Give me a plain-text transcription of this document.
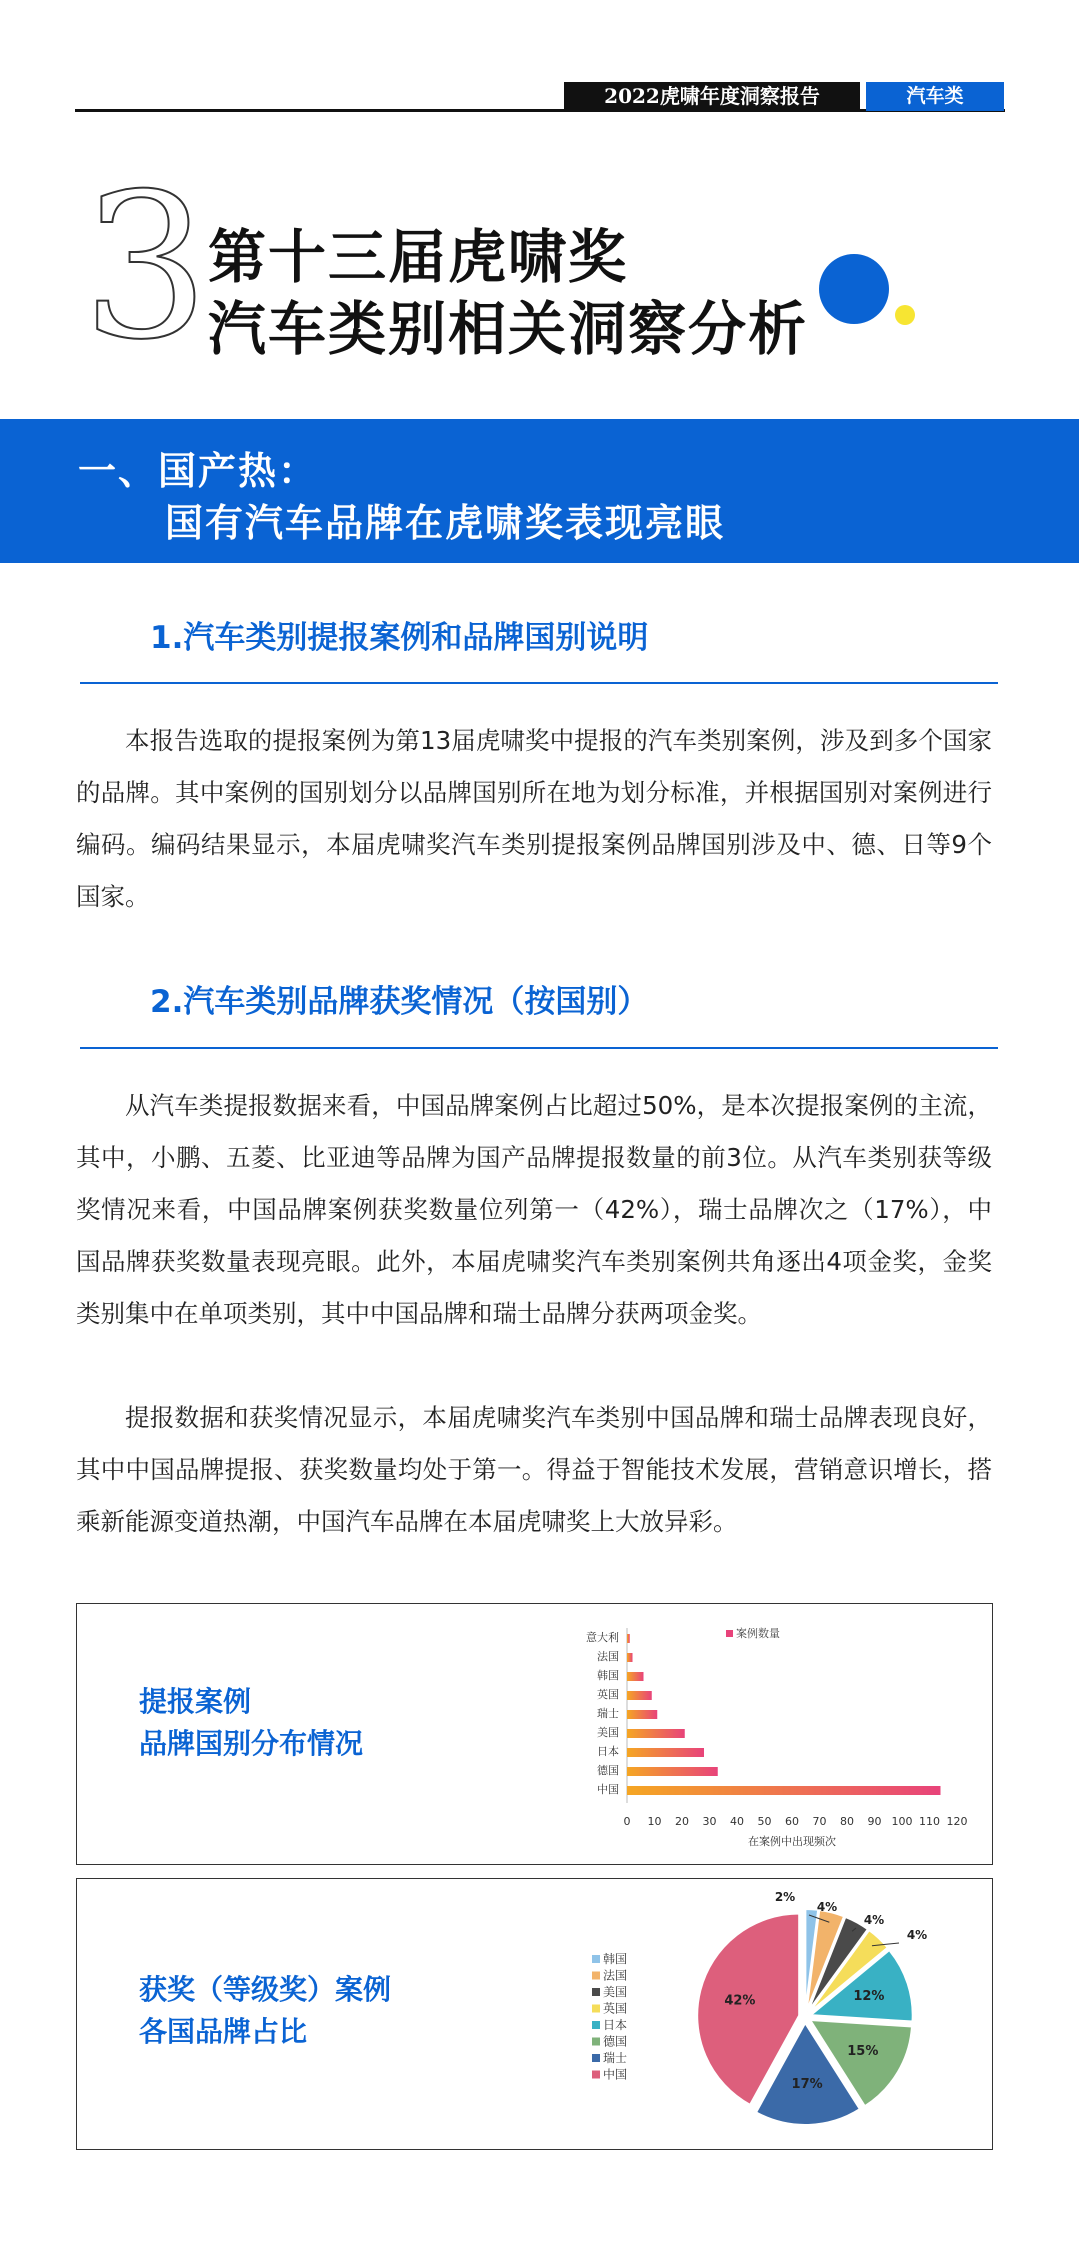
2022虎啸年度洞察报告	汽车类
3
第十三届虎啸奖
汽车类别相关洞察分析
一、国产热：
国有汽车品牌在虎啸奖表现亮眼
1.汽车类别提报案例和品牌国别说明

本报告选取的提报案例为第13届虎啸奖中提报的汽车类别案例，涉及到多个国家的品牌。其中案例的国别划分以品牌国别所在地为划分标准，并根据国别对案例进行编码。编码结果显示，本届虎啸奖汽车类别提报案例品牌国别涉及中、德、日等9个国家。

2.汽车类别品牌获奖情况（按国别）

从汽车类提报数据来看，中国品牌案例占比超过50%，是本次提报案例的主流，其中，小鹏、五菱、比亚迪等品牌为国产品牌提报数量的前3位。从汽车类别获等级奖情况来看，中国品牌案例获奖数量位列第一（42%），瑞士品牌次之（17%），中国品牌获奖数量表现亮眼。此外，本届虎啸奖汽车类别案例共角逐出4项金奖，金奖类别集中在单项类别，其中中国品牌和瑞士品牌分获两项金奖。

提报数据和获奖情况显示，本届虎啸奖汽车类别中国品牌和瑞士品牌表现良好，其中中国品牌提报、获奖数量均处于第一。得益于智能技术发展，营销意识增长，搭乘新能源变道热潮，中国汽车品牌在本届虎啸奖上大放异彩。

提报案例
品牌国别分布情况
案例数量
意大利
法国
韩国
英国
瑞士
美国
日本
德国
中国
0 10 20 30 40 50 60 70 80 90 100 110 120
在案例中出现频次
获奖（等级奖）案例
各国品牌占比
韩国
法国
美国
英国
日本
德国
瑞士
中国
2%
4%
4%
4%
12%
15%
17%
42%
